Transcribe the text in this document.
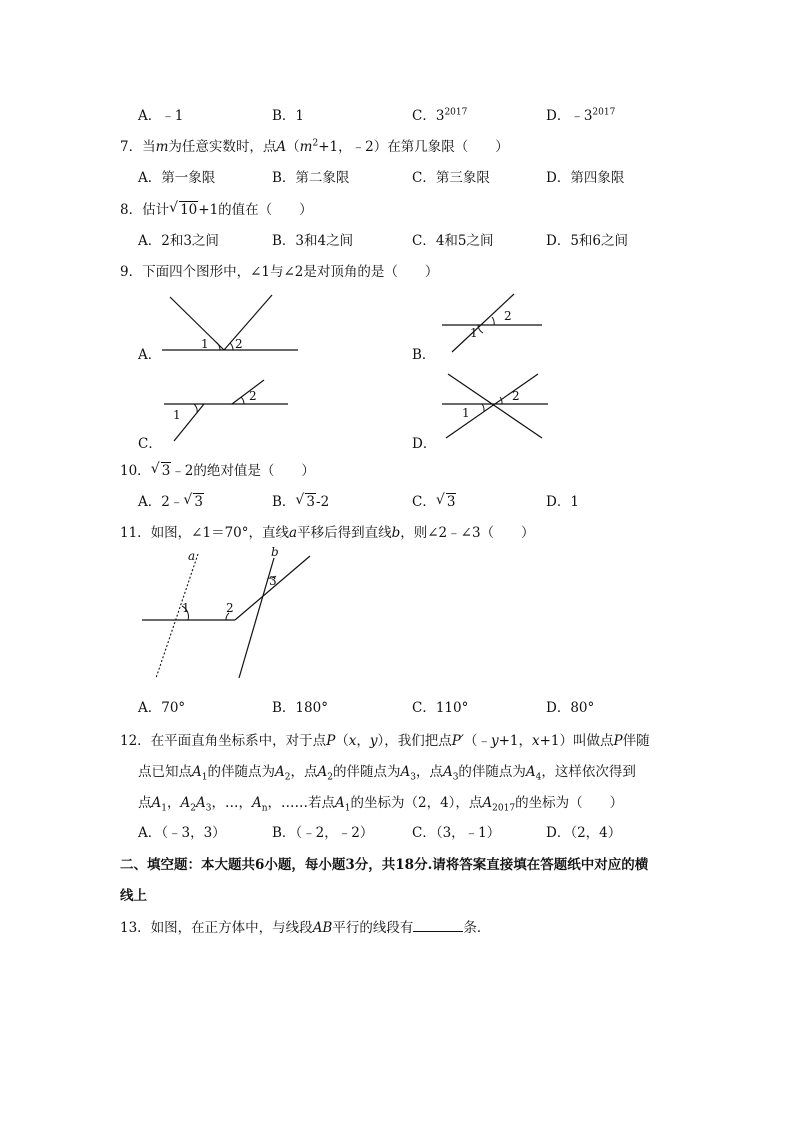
A．﹣1	B．1	C．$3^{2017}$	D．$﹣3^{2017}$
7．当m为任意实数时，点$A(m^2+1$，﹣2）在第几象限（　　）
A．第一象限	B．第二象限	C．第三象限	D．第四象限
8．估计 √ 10+1的值在（　　）
A．2和3之间	B．3和4之间	C．4和5之间	D．5和6之间
9．下面四个图形中，∠1与∠2是对顶角的是（　　）
A．
1 2
B．
1
2
C．
1
2
D．
1
2
10． √ 3﹣2的绝对值是（　　）
A．2﹣ √ 3	B． √ 3-2	C． √ 3	D．1
11．如图，∠1＝70°，直线a平移后得到直线b，则∠2﹣∠3（　　）
a	b
1	2
3
A．70°	B．180°	C．110°	D．80°
12．在平面直角坐标系中，对于点P（x，y），我们把点P′（﹣y+1，x+1）叫做点P伴随
点已知点$A_1$的伴随点为$A_2$，点$A_2$的伴随点为$A_3$，点$A_3$的伴随点为$A_4$，这样依次得到
点$A_1$，$A_2A_3$，…，$A_n$，……若点$A_1$的坐标为（2，4），点$A_{2017}$的坐标为（　　）
A．（﹣3，3）	B．（﹣2，﹣2）	C．（3，﹣1）	D．（2，4）
二、填空题：本大题共6小题，每小题3分，共18分.请将答案直接填在答题纸中对应的横
线上
13．如图，在正方体中，与线段AB平行的线段有	条．
